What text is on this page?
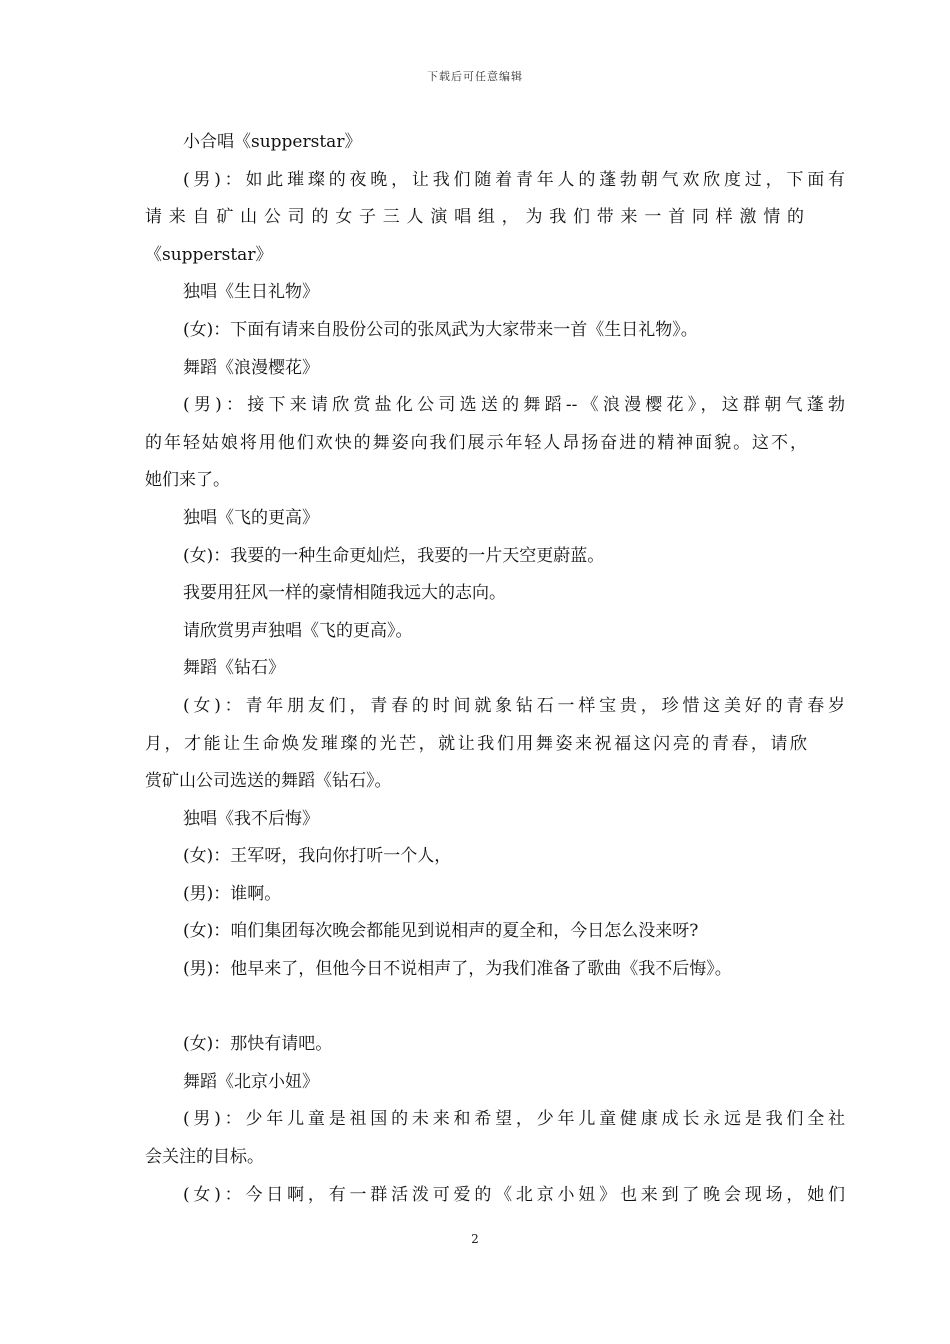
下载后可任意编辑

小合唱《supperstar》

(男)：如此璀璨的夜晚，让我们随着青年人的蓬勃朝气欢欣度过，下面有

请来自矿山公司的女子三人演唱组，为我们带来一首同样激情的

《supperstar》

独唱《生日礼物》

(女)：下面有请来自股份公司的张凤武为大家带来一首《生日礼物》。

舞蹈《浪漫樱花》

(男)：接下来请欣赏盐化公司选送的舞蹈--《浪漫樱花》，这群朝气蓬勃

的年轻姑娘将用他们欢快的舞姿向我们展示年轻人昂扬奋进的精神面貌。这不，

她们来了。

独唱《飞的更高》

(女)：我要的一种生命更灿烂，我要的一片天空更蔚蓝。

我要用狂风一样的豪情相随我远大的志向。

请欣赏男声独唱《飞的更高》。

舞蹈《钻石》

(女)：青年朋友们，青春的时间就象钻石一样宝贵，珍惜这美好的青春岁

月，才能让生命焕发璀璨的光芒，就让我们用舞姿来祝福这闪亮的青春，请欣

赏矿山公司选送的舞蹈《钻石》。

独唱《我不后悔》

(女)：王军呀，我向你打听一个人，

(男)：谁啊。

(女)：咱们集团每次晚会都能见到说相声的夏全和，今日怎么没来呀?

(男)：他早来了，但他今日不说相声了，为我们准备了歌曲《我不后悔》。

(女)：那快有请吧。

舞蹈《北京小妞》

(男)：少年儿童是祖国的未来和希望，少年儿童健康成长永远是我们全社

会关注的目标。

(女)：今日啊，有一群活泼可爱的《北京小妞》也来到了晚会现场，她们

2
